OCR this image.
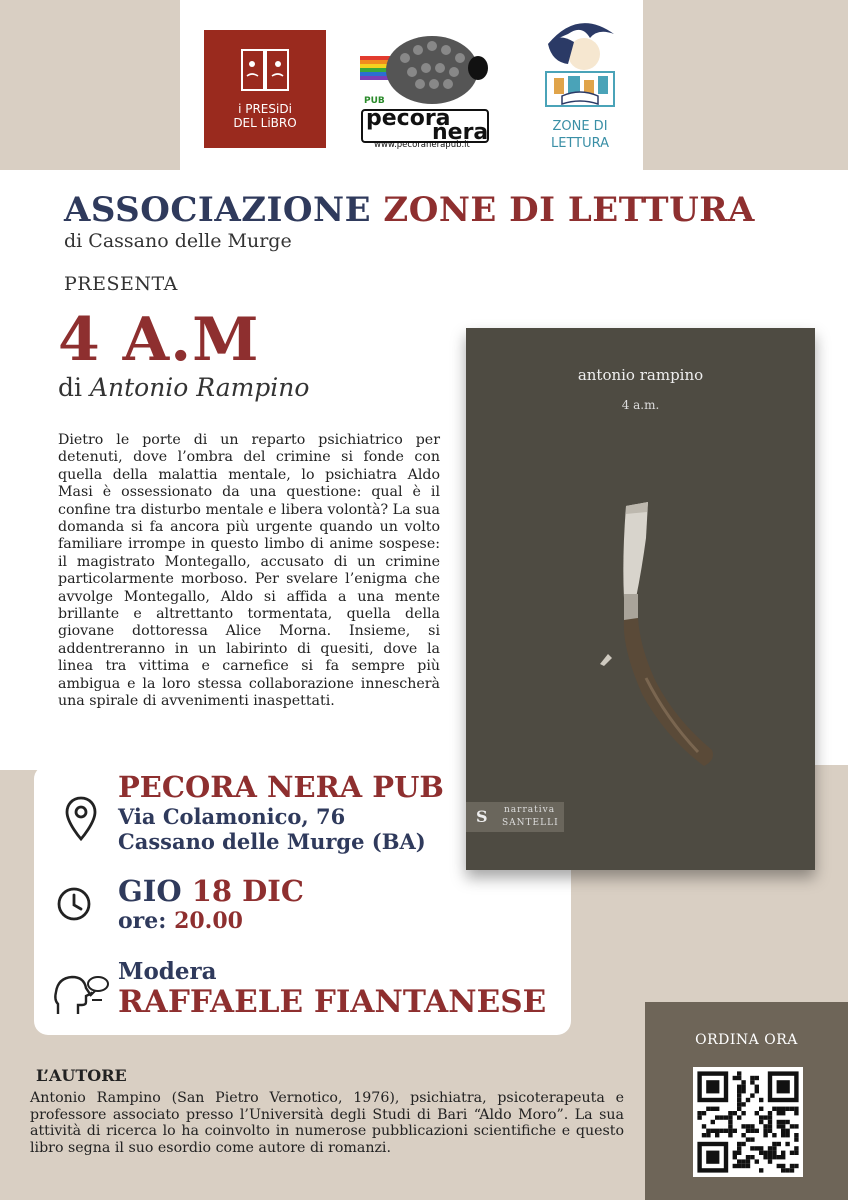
i PRESiDi
DEL LiBRO
PUB
pecora
nera
www.pecoranerapub.it
ZONE DI
LETTURA
ASSOCIAZIONE ZONE DI LETTURA
di Cassano delle Murge
PRESENTA
4 A.M
di Antonio Rampino
Dietro le porte di un reparto psichiatrico per detenuti, dove l’ombra del crimine si fonde con quella della malattia mentale, lo psichiatra Aldo Masi è ossessionato da una questione: qual è il confine tra disturbo mentale e libera volontà? La sua domanda si fa ancora più urgente quando un volto familiare irrompe in questo limbo di anime sospese: il magistrato Montegallo, accusato di un crimine particolarmente morboso. Per svelare l’enigma che avvolge Montegallo, Aldo si affida a una mente brillante e altrettanto tormentata, quella della giovane dottoressa Alice Morna. Insieme, si addentreranno in un labirinto di quesiti, dove la linea tra vittima e carnefice si fa sempre più ambigua e la loro stessa collaborazione innescherà una spirale di avvenimenti inaspettati.
antonio rampino
4 a.m.
S narrativa
SANTELLI
PECORA NERA PUB
Via Colamonico, 76
Cassano delle Murge (BA)
GIO 18 DIC
ore: 20.00
Modera
RAFFAELE FIANTANESE
L’AUTORE
Antonio Rampino (San Pietro Vernotico, 1976), psichiatra, psicoterapeuta e professore associato presso l’Università degli Studi di Bari “Aldo Moro”. La sua attività di ricerca lo ha coinvolto in numerose pubblicazioni scientifiche e questo libro segna il suo esordio come autore di romanzi.
ORDINA ORA
